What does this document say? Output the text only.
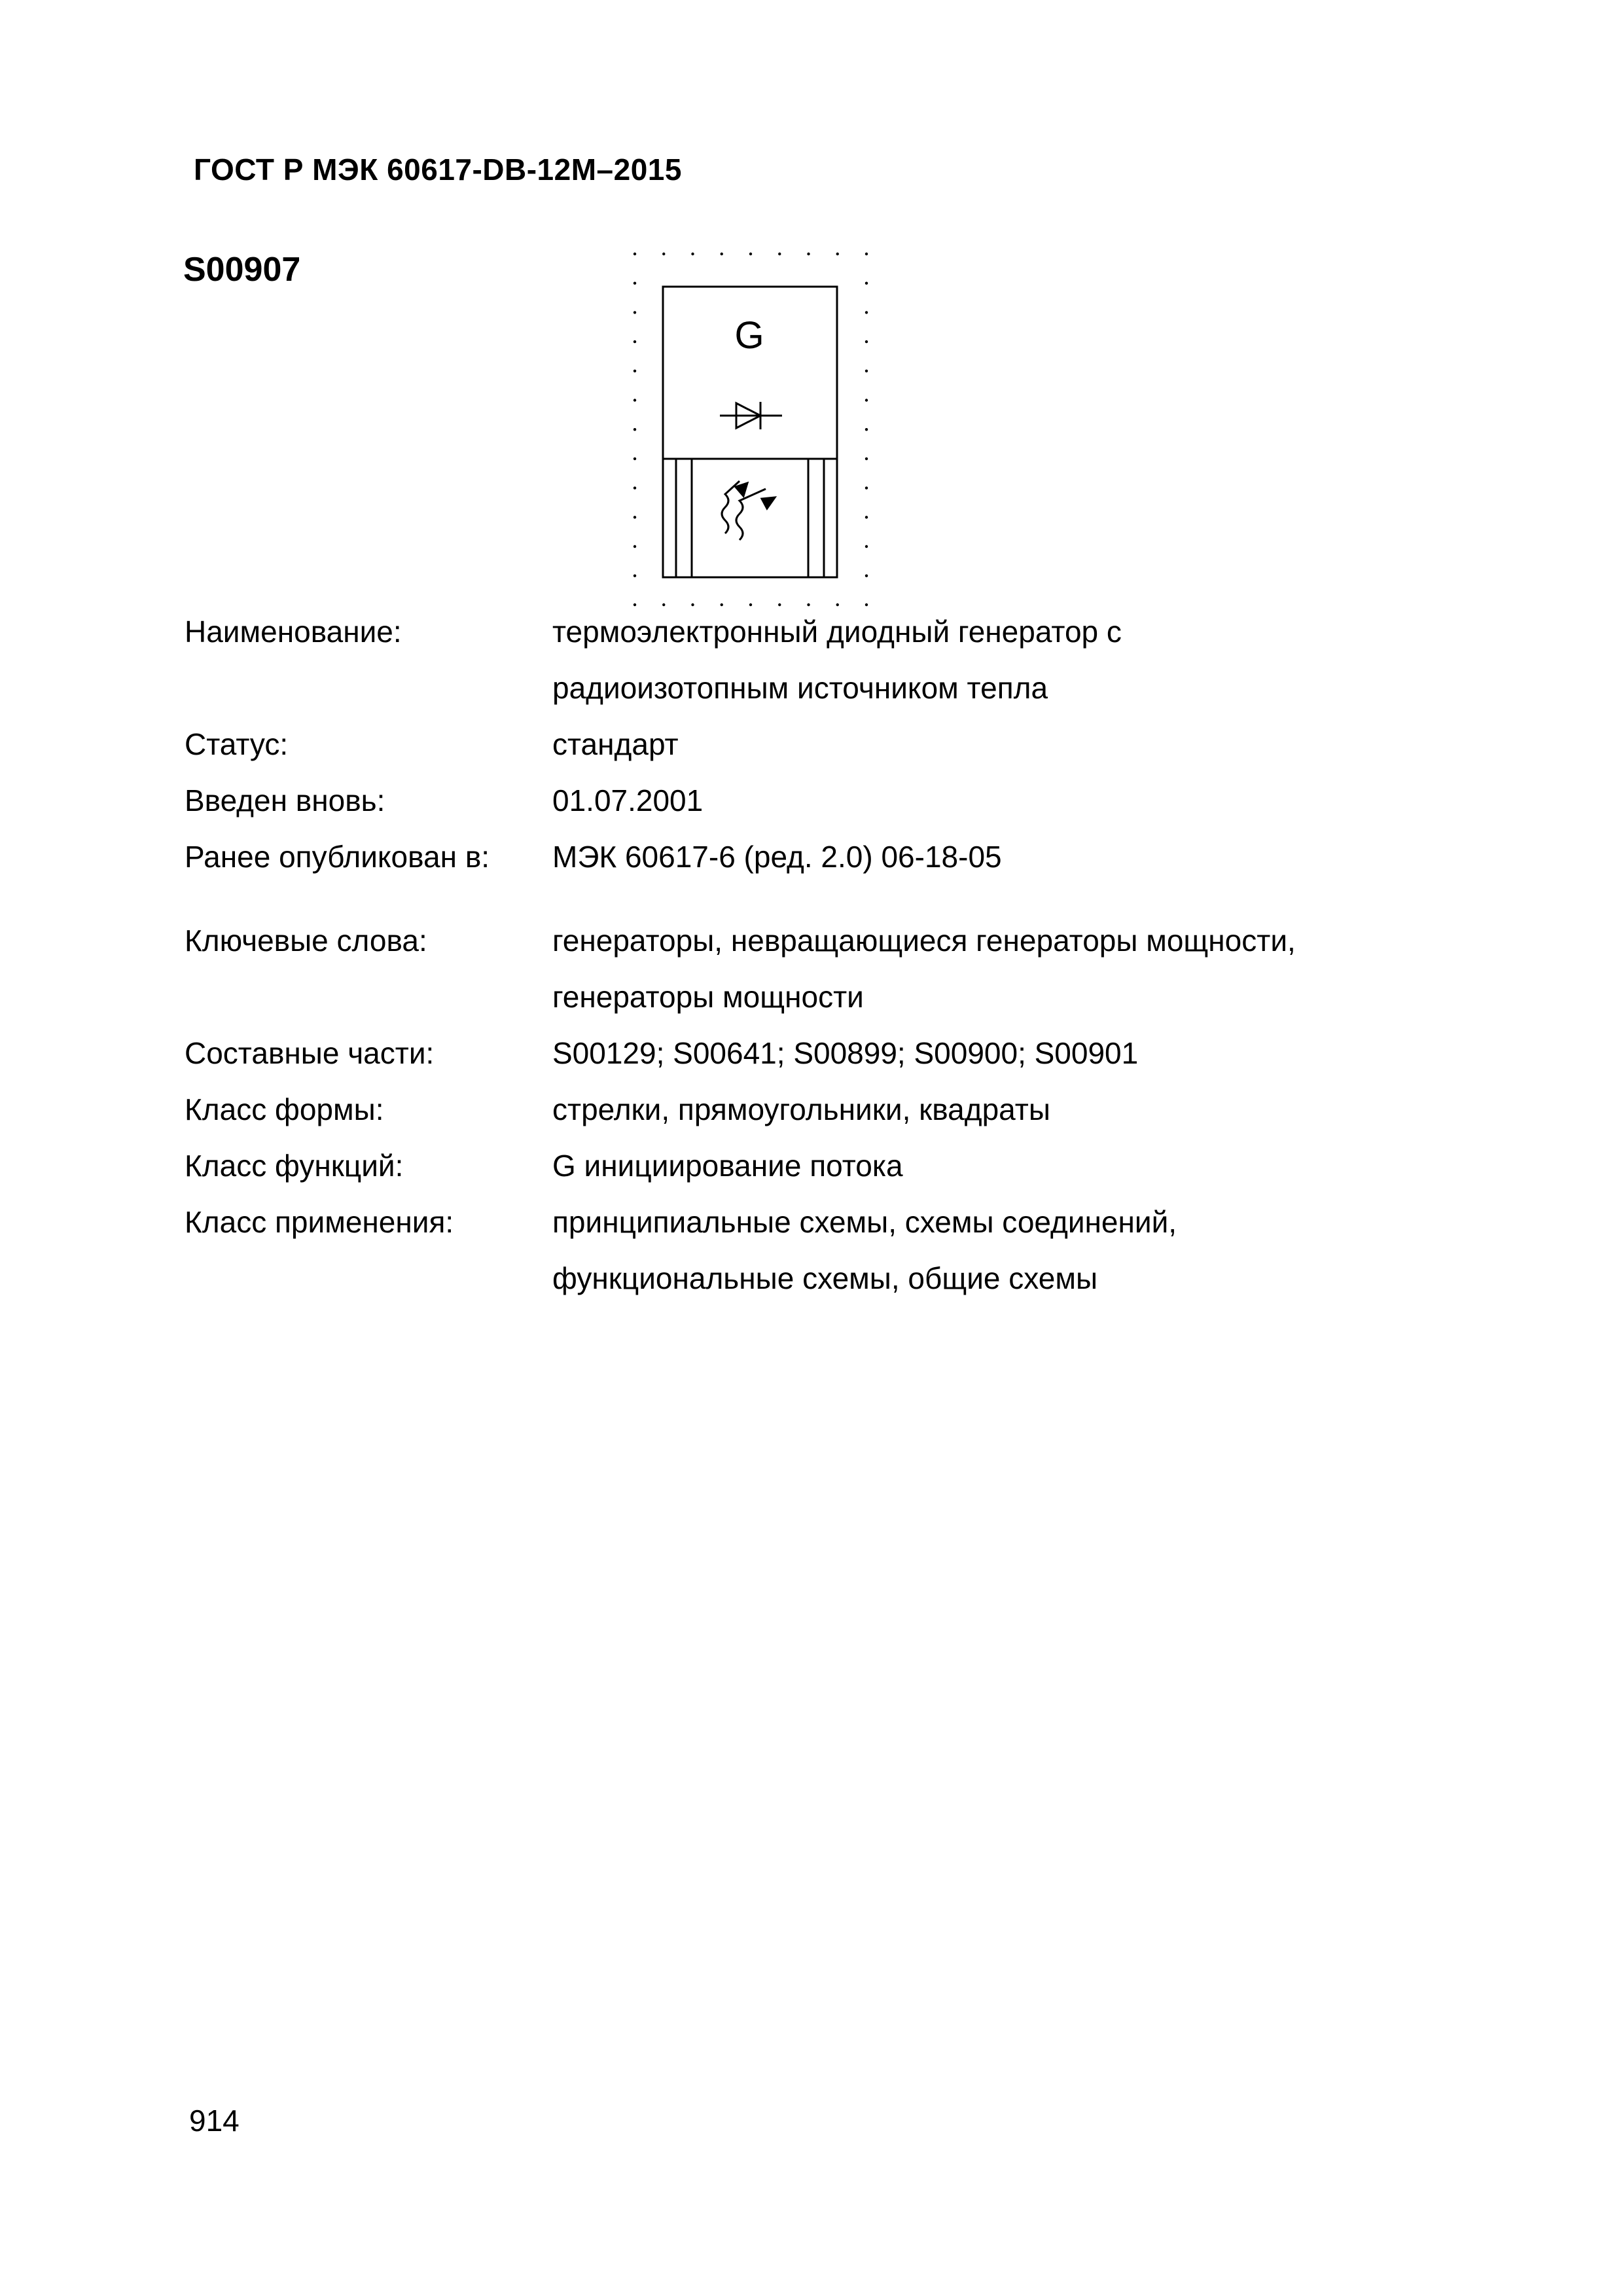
ГОСТ Р МЭК 60617-DB-12M–2015
S00907
G
Наименование:	термоэлектронный диодный генератор с
радиоизотопным источником тепла
Статус:	стандарт
Введен вновь:	01.07.2001
Ранее опубликован в: МЭК 60617-6 (ред. 2.0) 06-18-05
Ключевые слова:	генераторы, невращающиеся генераторы мощности,
генераторы мощности
Составные части:	S00129; S00641; S00899; S00900; S00901
Класс формы:	стрелки, прямоугольники, квадраты
Класс функций:	G инициирование потока
Класс применения:	принципиальные схемы, схемы соединений,
функциональные схемы, общие схемы
914
